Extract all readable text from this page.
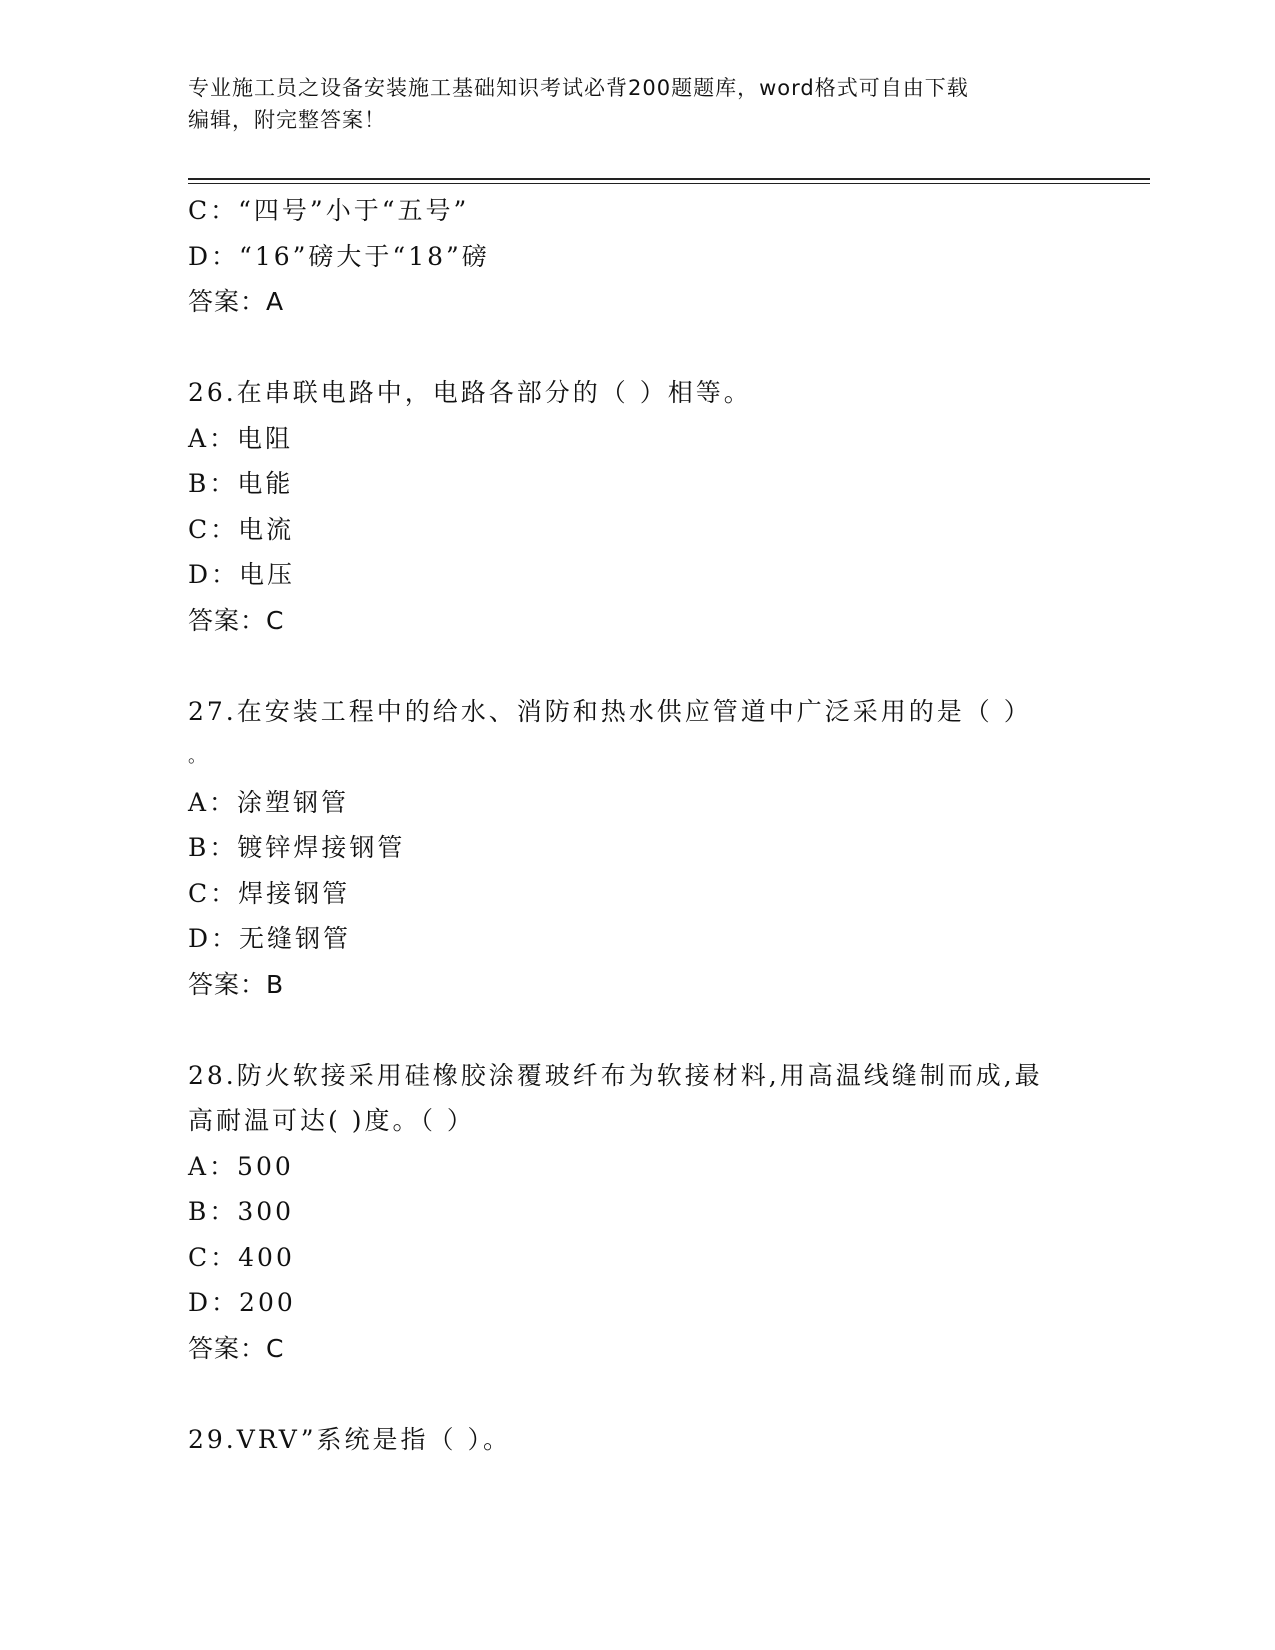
专业施工员之设备安装施工基础知识考试必背200题题库，word格式可自由下载
编辑，附完整答案！
C：“四号”小于“五号”
D：“16”磅大于“18”磅
答案：A
26.在串联电路中，电路各部分的（ ）相等。
A：电阻
B：电能
C：电流
D：电压
答案：C
27.在安装工程中的给水、消防和热水供应管道中广泛采用的是（ ）
。
A：涂塑钢管
B：镀锌焊接钢管
C：焊接钢管
D：无缝钢管
答案：B
28.防火软接采用硅橡胶涂覆玻纤布为软接材料,用高温线缝制而成,最
高耐温可达( )度。（ ）
A：500
B：300
C：400
D：200
答案：C
29.VRV”系统是指（ ）。
